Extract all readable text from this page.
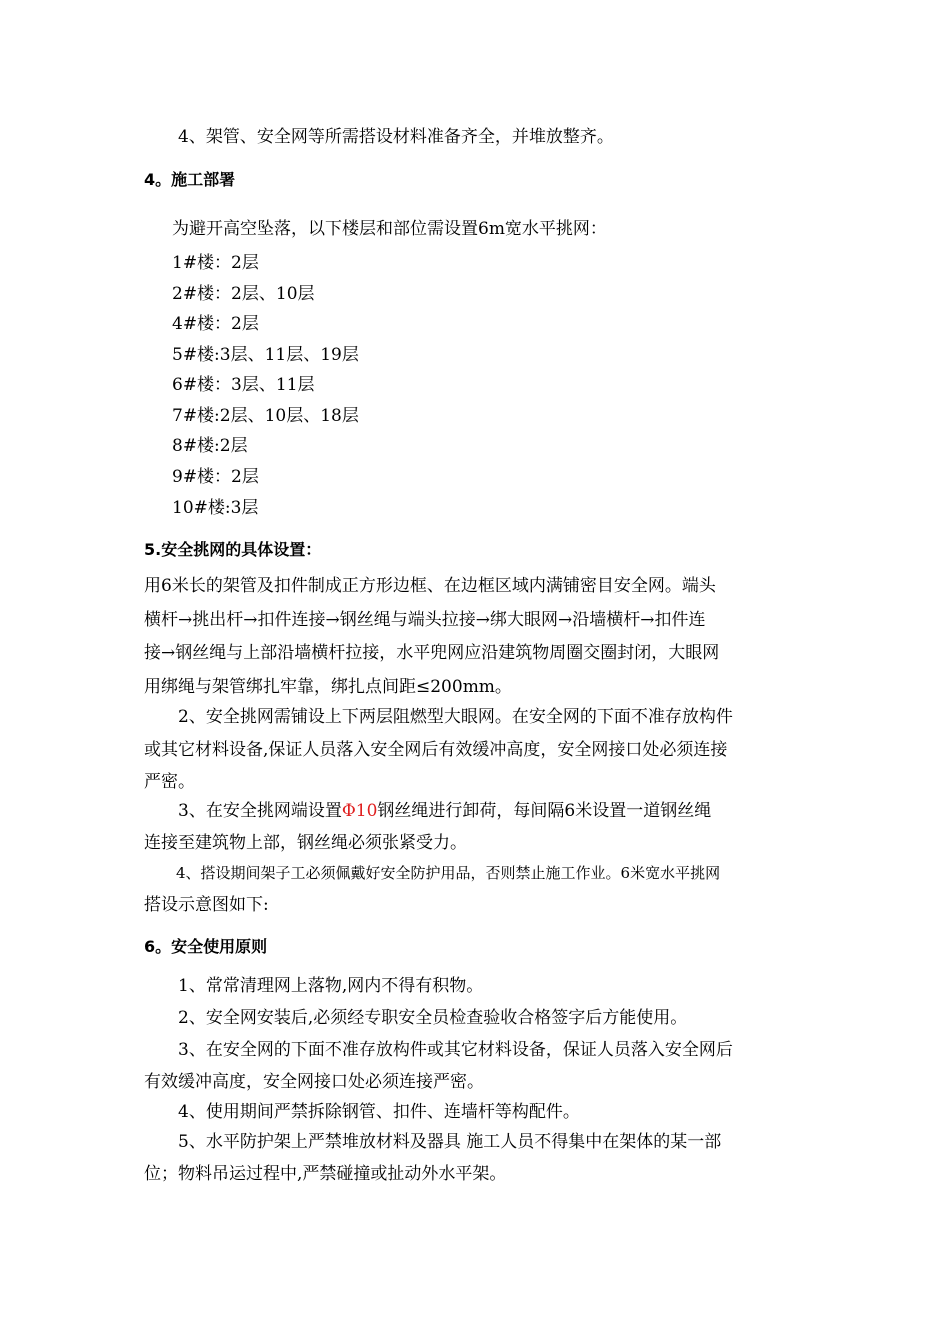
4、架管、安全网等所需搭设材料准备齐全，并堆放整齐。
4。施工部署
为避开高空坠落，以下楼层和部位需设置6m宽水平挑网：
1#楼：2层
2#楼：2层、10层
4#楼：2层
5#楼:3层、11层、19层
6#楼：3层、11层
7#楼:2层、10层、18层
8#楼:2层
9#楼：2层
10#楼:3层
5.安全挑网的具体设置：
用6米长的架管及扣件制成正方形边框、在边框区域内满铺密目安全网。端头
横杆→挑出杆→扣件连接→钢丝绳与端头拉接→绑大眼网→沿墙横杆→扣件连
接→钢丝绳与上部沿墙横杆拉接，水平兜网应沿建筑物周圈交圈封闭，大眼网
用绑绳与架管绑扎牢靠，绑扎点间距≤200mm。
2、安全挑网需铺设上下两层阻燃型大眼网。在安全网的下面不准存放构件
或其它材料设备,保证人员落入安全网后有效缓冲高度，安全网接口处必须连接
严密。
3、在安全挑网端设置Φ10钢丝绳进行卸荷，每间隔6米设置一道钢丝绳
连接至建筑物上部，钢丝绳必须张紧受力。
4、搭设期间架子工必须佩戴好安全防护用品，否则禁止施工作业。6米宽水平挑网
搭设示意图如下:
6。安全使用原则
1、常常清理网上落物,网内不得有积物。
2、安全网安装后,必须经专职安全员检查验收合格签字后方能使用。
3、在安全网的下面不准存放构件或其它材料设备，保证人员落入安全网后
有效缓冲高度，安全网接口处必须连接严密。
4、使用期间严禁拆除钢管、扣件、连墙杆等构配件。
5、水平防护架上严禁堆放材料及器具 施工人员不得集中在架体的某一部
位；物料吊运过程中,严禁碰撞或扯动外水平架。
